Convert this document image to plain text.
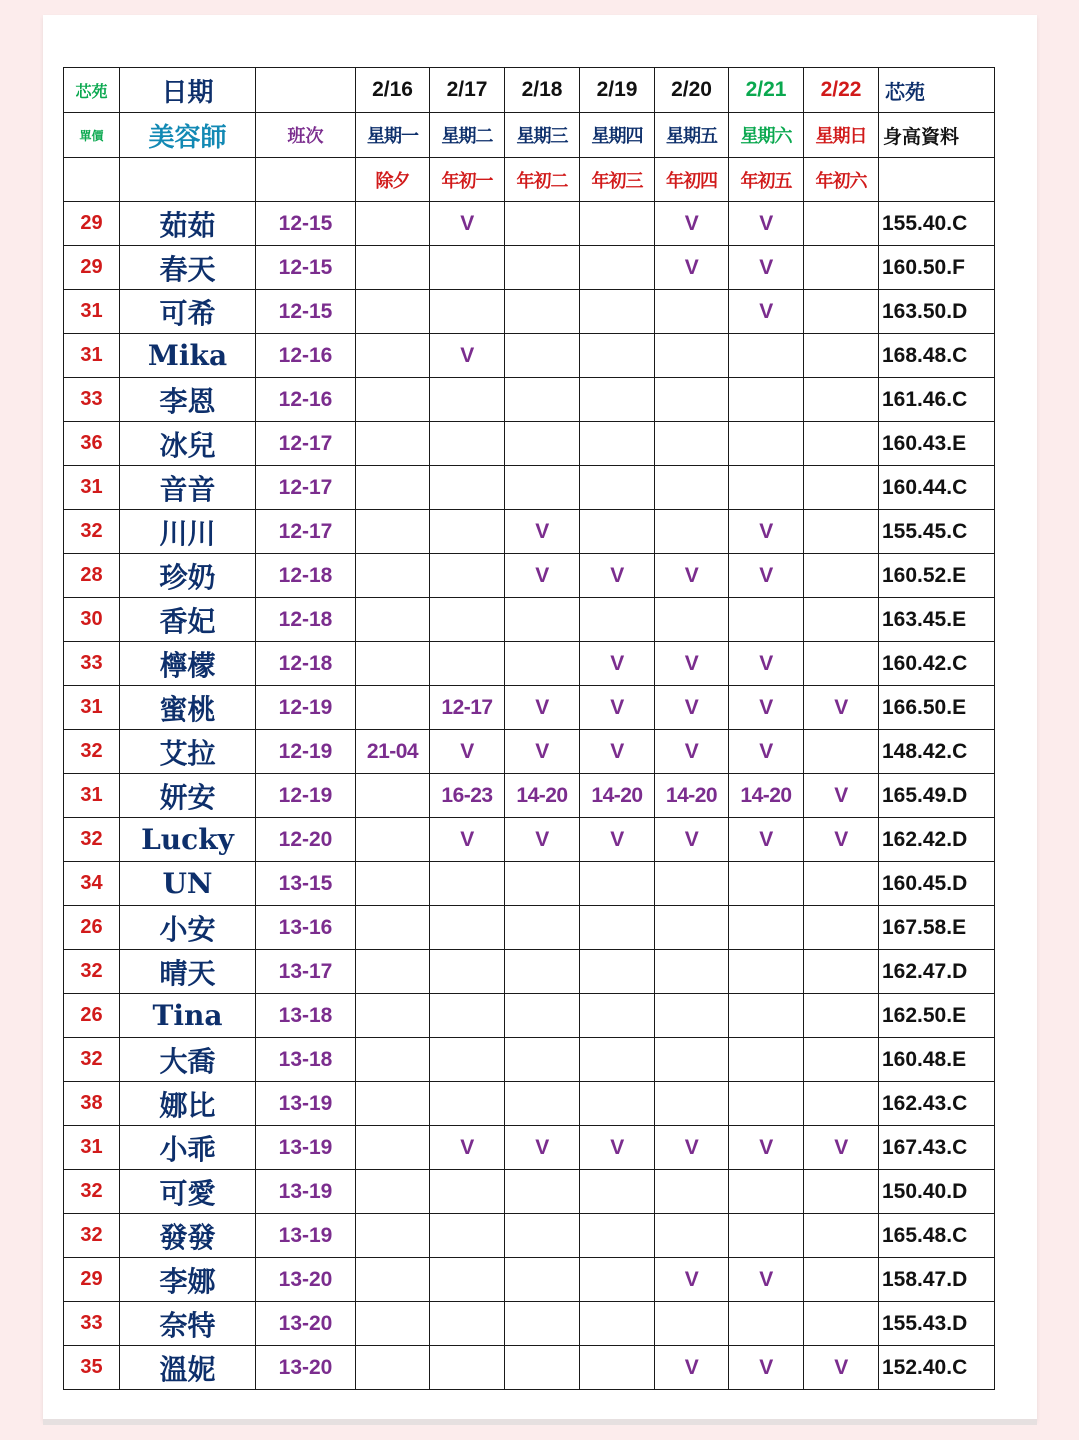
芯苑	日期		2/16	2/17	2/18	2/19	2/20	2/21	2/22	芯苑
單價	美容師	班次	星期一	星期二	星期三	星期四	星期五	星期六	星期日	身高資料
			除夕	年初一	年初二	年初三	年初四	年初五	年初六	
29	茹茹	12-15		V			V	V		155.40.C
29	春天	12-15					V	V		160.50.F
31	可希	12-15						V		163.50.D
31	Mika	12-16		V						168.48.C
33	李恩	12-16								161.46.C
36	冰兒	12-17								160.43.E
31	音音	12-17								160.44.C
32	川川	12-17			V			V		155.45.C
28	珍奶	12-18			V	V	V	V		160.52.E
30	香妃	12-18								163.45.E
33	檸檬	12-18				V	V	V		160.42.C
31	蜜桃	12-19		12-17	V	V	V	V	V	166.50.E
32	艾拉	12-19	21-04	V	V	V	V	V		148.42.C
31	妍安	12-19		16-23	14-20	14-20	14-20	14-20	V	165.49.D
32	Lucky	12-20		V	V	V	V	V	V	162.42.D
34	UN	13-15								160.45.D
26	小安	13-16								167.58.E
32	晴天	13-17								162.47.D
26	Tina	13-18								162.50.E
32	大喬	13-18								160.48.E
38	娜比	13-19								162.43.C
31	小乖	13-19		V	V	V	V	V	V	167.43.C
32	可愛	13-19								150.40.D
32	發發	13-19								165.48.C
29	李娜	13-20					V	V		158.47.D
33	奈特	13-20								155.43.D
35	溫妮	13-20					V	V	V	152.40.C
